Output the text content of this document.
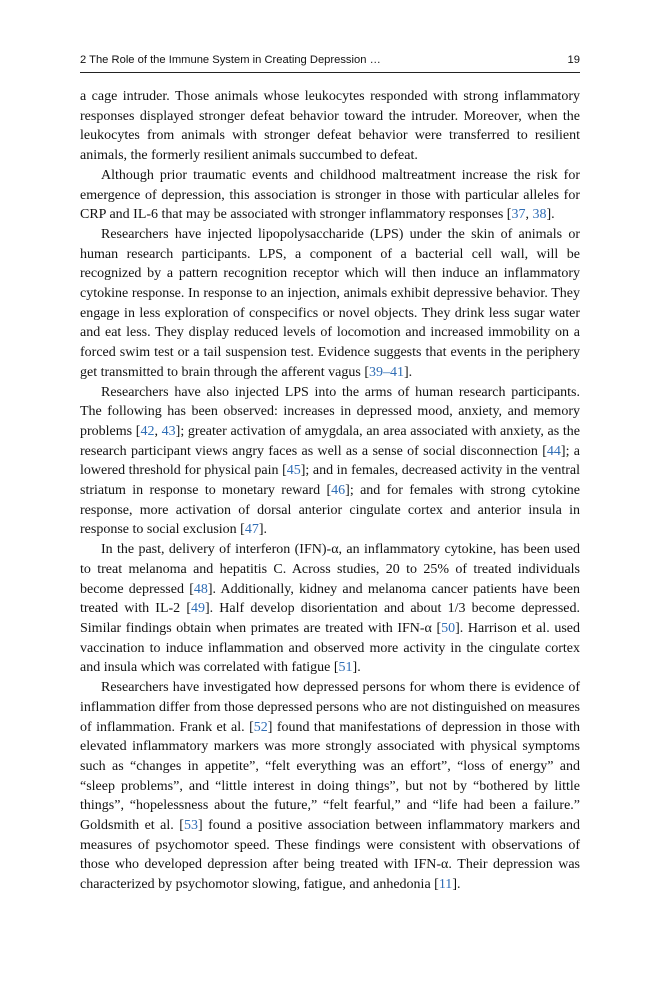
2 The Role of the Immune System in Creating Depression …	19

a cage intruder. Those animals whose leukocytes responded with strong inflammatory responses displayed stronger defeat behavior toward the intruder. Moreover, when the leukocytes from animals with stronger defeat behavior were transferred to resilient animals, the formerly resilient animals succumbed to defeat.

Although prior traumatic events and childhood maltreatment increase the risk for emergence of depression, this association is stronger in those with particular alleles for CRP and IL-6 that may be associated with stronger inflammatory responses [37, 38].

Researchers have injected lipopolysaccharide (LPS) under the skin of animals or human research participants. LPS, a component of a bacterial cell wall, will be recognized by a pattern recognition receptor which will then induce an inflammatory cytokine response. In response to an injection, animals exhibit depressive behavior. They engage in less exploration of conspecifics or novel objects. They drink less sugar water and eat less. They display reduced levels of locomotion and increased immobility on a forced swim test or a tail suspension test. Evidence suggests that events in the periphery get transmitted to brain through the afferent vagus [39–41].

Researchers have also injected LPS into the arms of human research participants. The following has been observed: increases in depressed mood, anxiety, and memory problems [42, 43]; greater activation of amygdala, an area associated with anxiety, as the research participant views angry faces as well as a sense of social disconnection [44]; a lowered threshold for physical pain [45]; and in females, decreased activity in the ventral striatum in response to monetary reward [46]; and for females with strong cytokine response, more activation of dorsal anterior cingulate cortex and anterior insula in response to social exclusion [47].

In the past, delivery of interferon (IFN)-α, an inflammatory cytokine, has been used to treat melanoma and hepatitis C. Across studies, 20 to 25% of treated individuals become depressed [48]. Additionally, kidney and melanoma cancer patients have been treated with IL-2 [49]. Half develop disorientation and about 1/3 become depressed. Similar findings obtain when primates are treated with IFN-α [50]. Harrison et al. used vaccination to induce inflammation and observed more activity in the cingulate cortex and insula which was correlated with fatigue [51].

Researchers have investigated how depressed persons for whom there is evidence of inflammation differ from those depressed persons who are not distinguished on measures of inflammation. Frank et al. [52] found that manifestations of depression in those with elevated inflammatory markers was more strongly associated with physical symptoms such as “changes in appetite”, “felt everything was an effort”, “loss of energy” and “sleep problems”, and “little interest in doing things”, but not by “bothered by little things”, “hopelessness about the future,” “felt fearful,” and “life had been a failure.” Goldsmith et al. [53] found a positive association between inflammatory markers and measures of psychomotor speed. These findings were consistent with observations of those who developed depression after being treated with IFN-α. Their depression was characterized by psychomotor slowing, fatigue, and anhedonia [11].
